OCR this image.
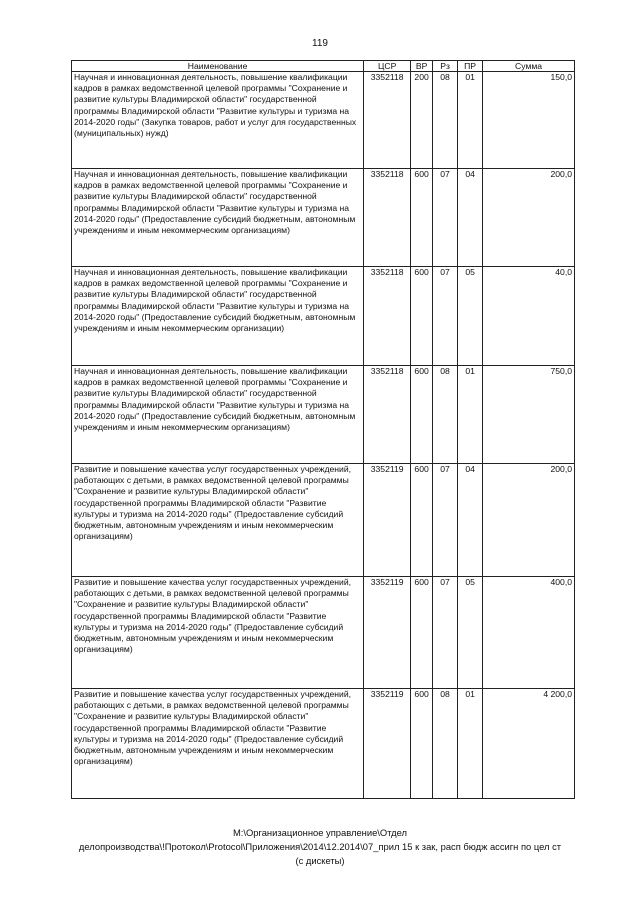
119
Наименование	ЦСР	ВР	Рз	ПР	Сумма
Научная и инновационная деятельность, повышение квалификации кадров в рамках ведомственной целевой программы "Сохранение и развитие культуры Владимирской области" государственной программы Владимирской области "Развитие культуры и туризма на 2014-2020 годы" (Закупка товаров, работ и услуг для государственных (муниципальных) нужд)	3352118	200	08	01	150,0
Научная и инновационная деятельность, повышение квалификации кадров в рамках ведомственной целевой программы "Сохранение и развитие культуры Владимирской области" государственной программы Владимирской области "Развитие культуры и туризма на 2014-2020 годы" (Предоставление субсидий бюджетным, автономным учреждениям и иным некоммерческим организациям)	3352118	600	07	04	200,0
Научная и инновационная деятельность, повышение квалификации кадров в рамках ведомственной целевой программы "Сохранение и развитие культуры Владимирской области" государственной программы Владимирской области "Развитие культуры и туризма на 2014-2020 годы" (Предоставление субсидий бюджетным, автономным учреждениям и иным некоммерческим организации)	3352118	600	07	05	40,0
Научная и инновационная деятельность, повышение квалификации кадров в рамках ведомственной целевой программы "Сохранение и развитие культуры Владимирской области" государственной программы Владимирской области "Развитие культуры и туризма на 2014-2020 годы" (Предоставление субсидий бюджетным, автономным учреждениям и иным некоммерческим организациям)	3352118	600	08	01	750,0
Развитие и повышение качества услуг государственных учреждений, работающих с детьми, в рамках ведомственной целевой программы "Сохранение и развитие культуры Владимирской области" государственной программы Владимирской области "Развитие культуры и туризма на 2014-2020 годы" (Предоставление субсидий бюджетным, автономным учреждениям и иным некоммерческим организациям)	3352119	600	07	04	200,0
Развитие и повышение качества услуг государственных учреждений, работающих с детьми, в рамках ведомственной целевой программы "Сохранение и развитие культуры Владимирской области" государственной программы Владимирской области "Развитие культуры и туризма на 2014-2020 годы" (Предоставление субсидий бюджетным, автономным учреждениям и иным некоммерческим организациям)	3352119	600	07	05	400,0
Развитие и повышение качества услуг государственных учреждений, работающих с детьми, в рамках ведомственной целевой программы "Сохранение и развитие культуры Владимирской области" государственной программы Владимирской области "Развитие культуры и туризма на 2014-2020 годы" (Предоставление субсидий бюджетным, автономным учреждениям и иным некоммерческим организациям)	3352119	600	08	01	4 200,0
М:\Организационное управление\Отдел
делопроизводства\!Протокол\Protocol\Приложения\2014\12.2014\07_прил 15 к зак, расп бюдж ассигн по цел ст
(с дискеты)
